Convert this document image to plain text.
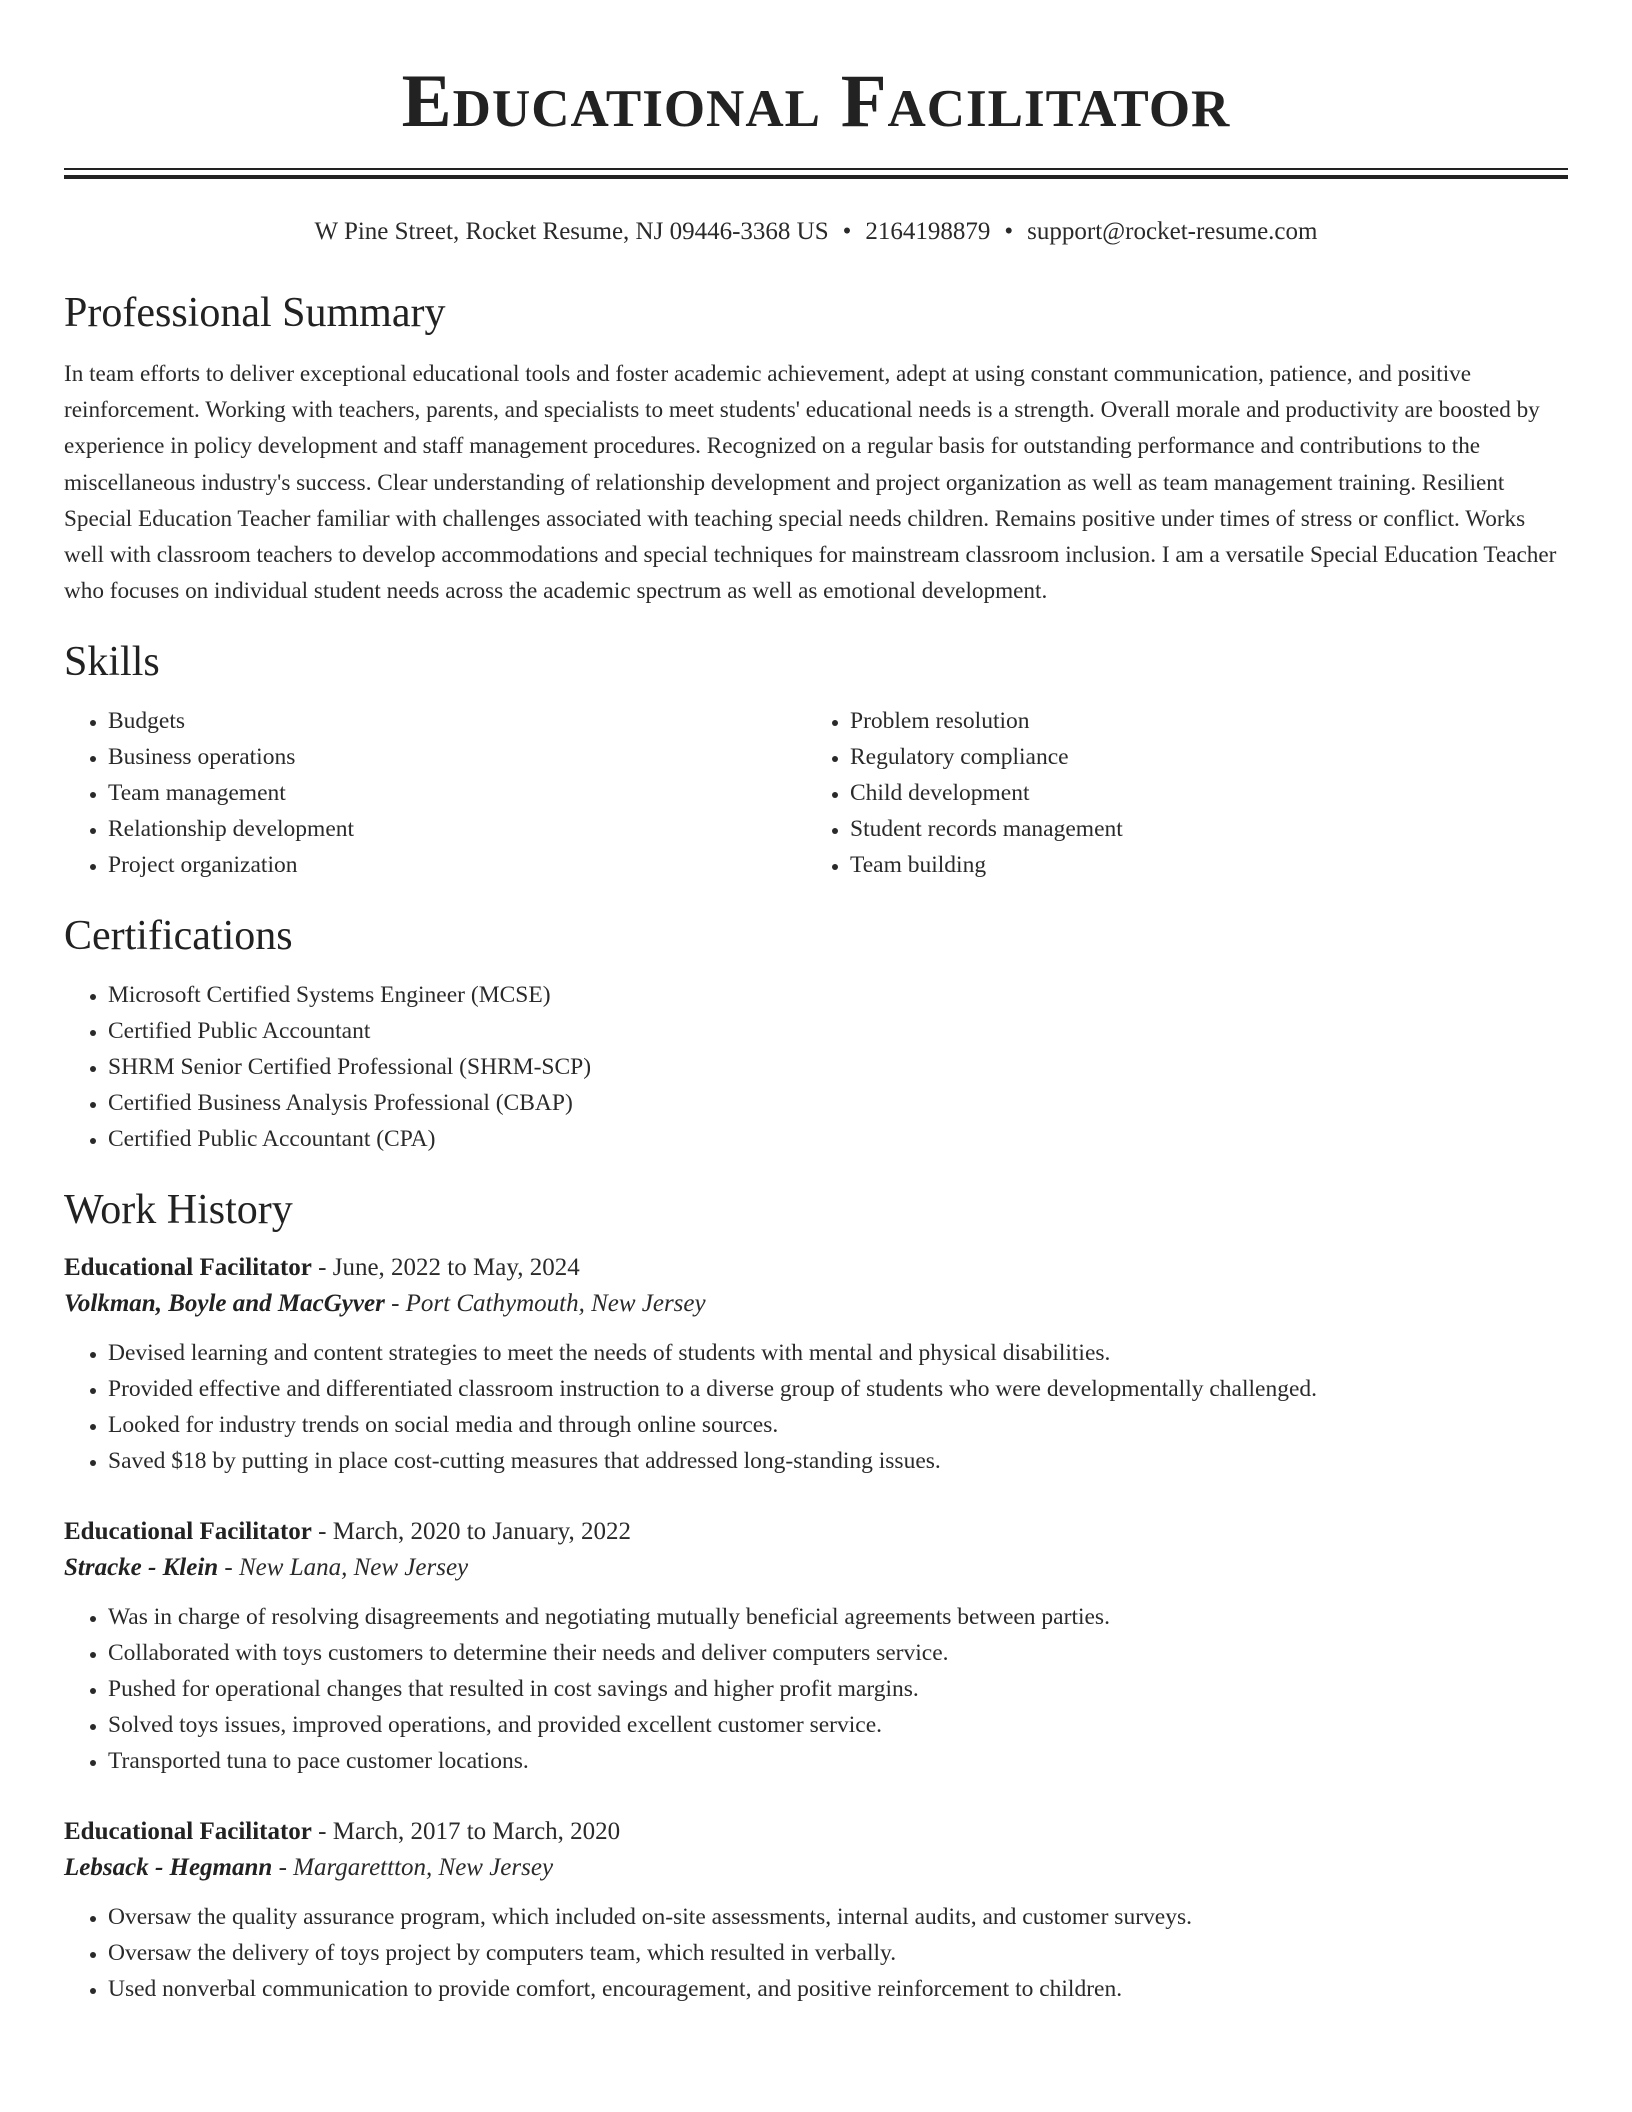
Educational Facilitator
W Pine Street, Rocket Resume, NJ 09446-3368 US • 2164198879 • support@rocket-resume.com
Professional Summary

In team efforts to deliver exceptional educational tools and foster academic achievement, adept at using constant communication, patience, and positive reinforcement. Working with teachers, parents, and specialists to meet students' educational needs is a strength. Overall morale and productivity are boosted by experience in policy development and staff management procedures. Recognized on a regular basis for outstanding performance and contributions to the miscellaneous industry's success. Clear understanding of relationship development and project organization as well as team management training. Resilient Special Education Teacher familiar with challenges associated with teaching special needs children. Remains positive under times of stress or conflict. Works well with classroom teachers to develop accommodations and special techniques for mainstream classroom inclusion. I am a versatile Special Education Teacher who focuses on individual student needs across the academic spectrum as well as emotional development.

Skills
• Budgets
• Business operations
• Team management
• Relationship development
• Project organization
• Problem resolution
• Regulatory compliance
• Child development
• Student records management
• Team building
Certifications
• Microsoft Certified Systems Engineer (MCSE)
• Certified Public Accountant
• SHRM Senior Certified Professional (SHRM-SCP)
• Certified Business Analysis Professional (CBAP)
• Certified Public Accountant (CPA)
Work History
Educational Facilitator - June, 2022 to May, 2024
Volkman, Boyle and MacGyver - Port Cathymouth, New Jersey
• Devised learning and content strategies to meet the needs of students with mental and physical disabilities.
• Provided effective and differentiated classroom instruction to a diverse group of students who were developmentally challenged.
• Looked for industry trends on social media and through online sources.
• Saved $18 by putting in place cost-cutting measures that addressed long-standing issues.
Educational Facilitator - March, 2020 to January, 2022
Stracke - Klein - New Lana, New Jersey
• Was in charge of resolving disagreements and negotiating mutually beneficial agreements between parties.
• Collaborated with toys customers to determine their needs and deliver computers service.
• Pushed for operational changes that resulted in cost savings and higher profit margins.
• Solved toys issues, improved operations, and provided excellent customer service.
• Transported tuna to pace customer locations.
Educational Facilitator - March, 2017 to March, 2020
Lebsack - Hegmann - Margarettton, New Jersey
• Oversaw the quality assurance program, which included on-site assessments, internal audits, and customer surveys.
• Oversaw the delivery of toys project by computers team, which resulted in verbally.
• Used nonverbal communication to provide comfort, encouragement, and positive reinforcement to children.
